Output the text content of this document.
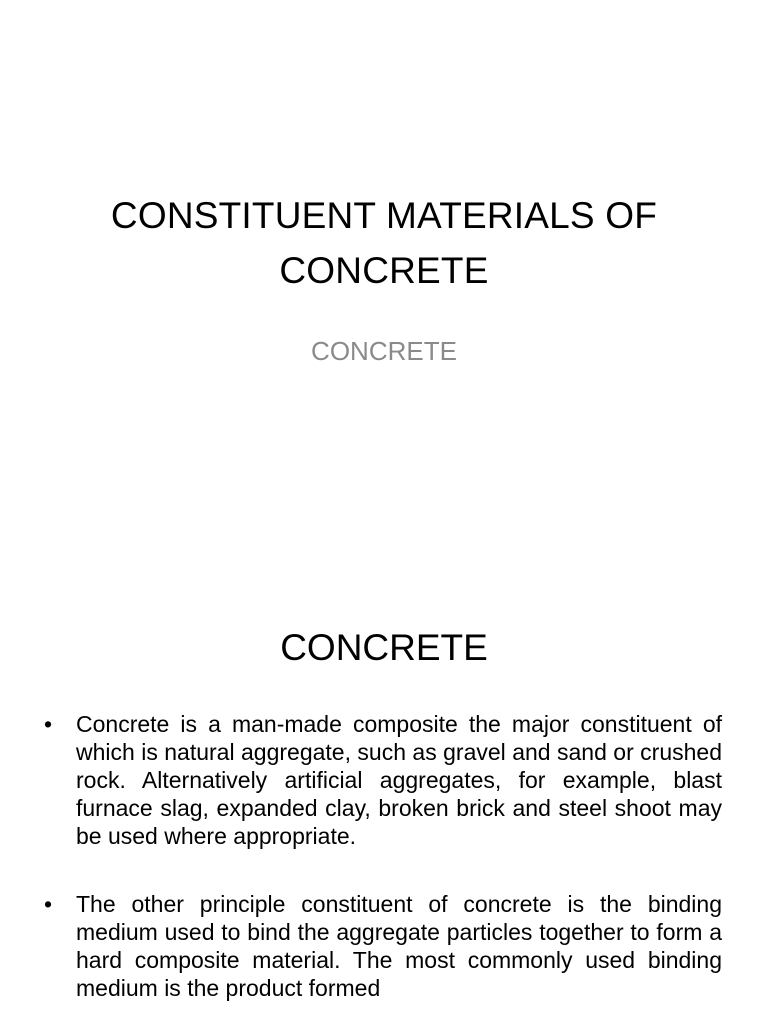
CONSTITUENT MATERIALS OF CONCRETE
CONCRETE
CONCRETE
• Concrete is a man-made composite the major constituent of which is natural aggregate, such as gravel and sand or crushed rock. Alternatively artificial aggregates, for example, blast furnace slag, expanded clay, broken brick and steel shoot may be used where appropriate.
• The other principle constituent of concrete is the binding medium used to bind the aggregate particles together to form a hard composite material. The most commonly used binding medium is the product formed
